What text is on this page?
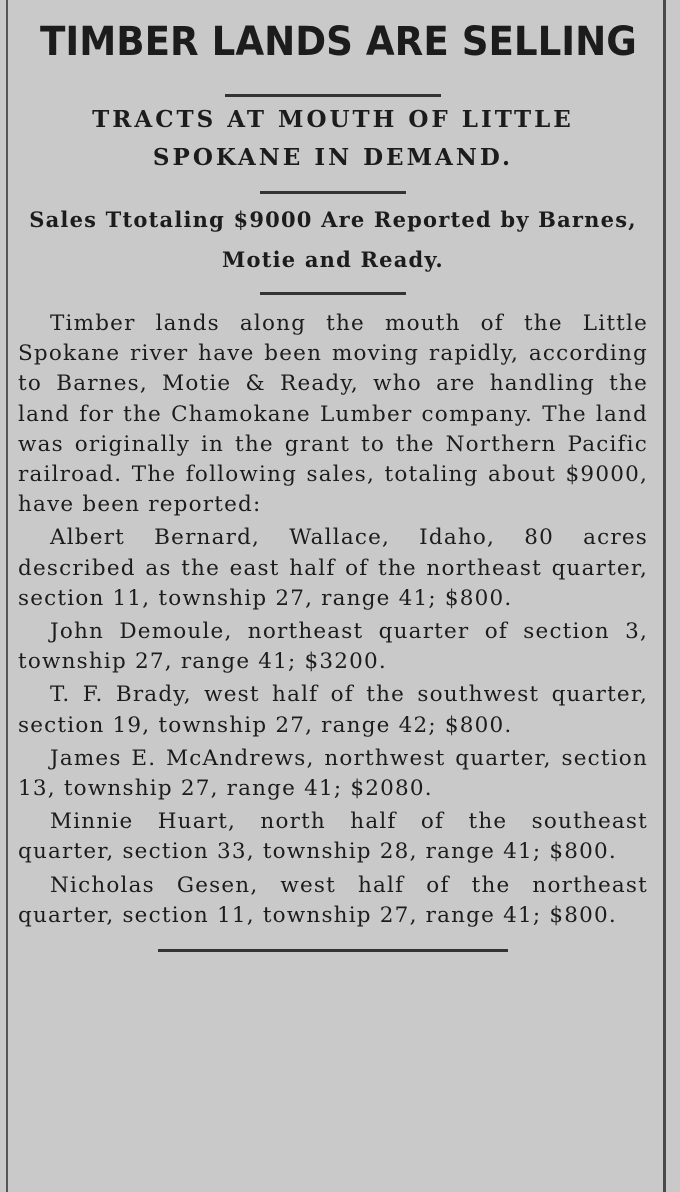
TIMBER LANDS ARE SELLING
TRACTS AT MOUTH OF LITTLE SPOKANE IN DEMAND.
Sales Ttotaling $9000 Are Reported by Barnes, Motie and Ready.

Timber lands along the mouth of the Little Spokane river have been moving rapidly, according to Barnes, Motie & Ready, who are handling the land for the Chamokane Lumber company. The land was originally in the grant to the Northern Pacific railroad. The following sales, totaling about $9000, have been reported:

Albert Bernard, Wallace, Idaho, 80 acres described as the east half of the northeast quarter, section 11, township 27, range 41; $800.

John Demoule, northeast quarter of section 3, township 27, range 41; $3200.

T. F. Brady, west half of the southwest quarter, section 19, township 27, range 42; $800.

James E. McAndrews, northwest quarter, section 13, township 27, range 41; $2080.

Minnie Huart, north half of the southeast quarter, section 33, township 28, range 41; $800.

Nicholas Gesen, west half of the northeast quarter, section 11, township 27, range 41; $800.
